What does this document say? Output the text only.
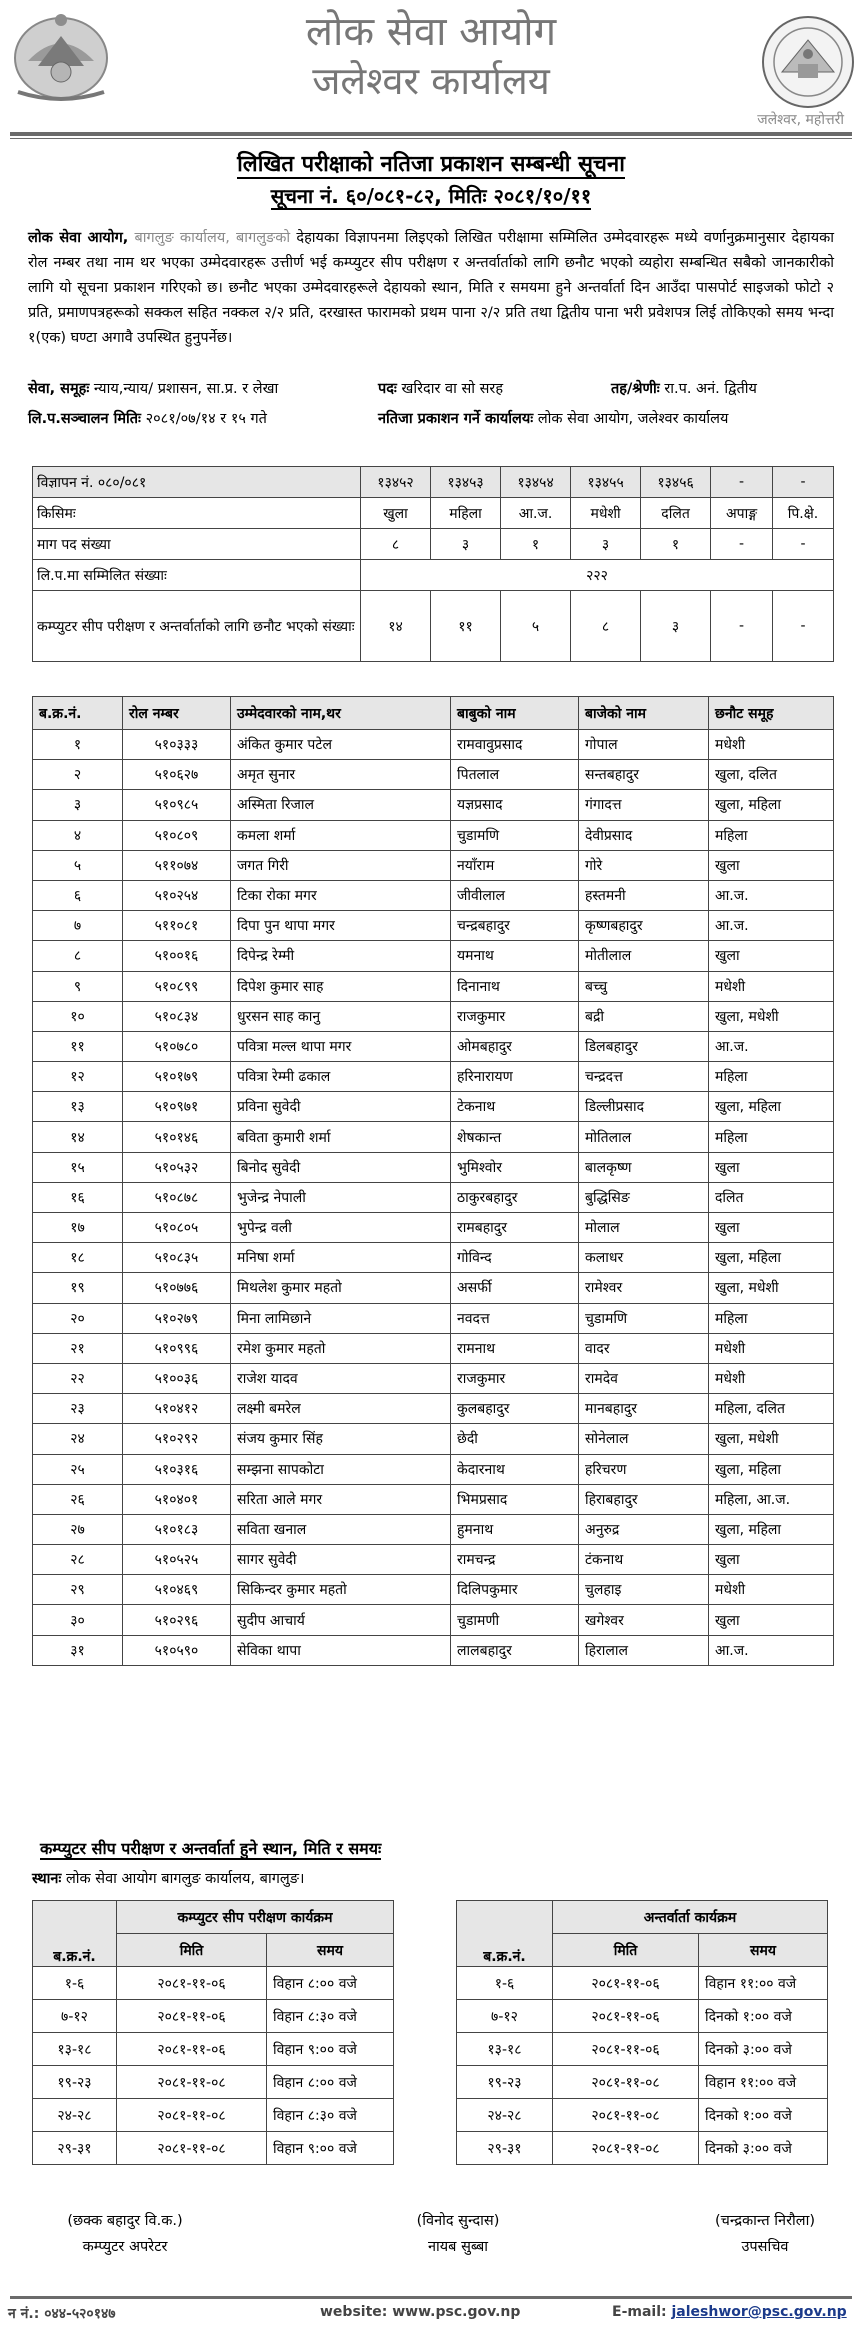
लोक सेवा आयोग
जलेश्वर कार्यालय
जलेश्वर, महोत्तरी
लिखित परीक्षाको नतिजा प्रकाशन सम्बन्धी सूचना
सूचना नं. ६०/०८१-८२, मितिः २०८१/१०/११
लोक सेवा आयोग, बागलुङ कार्यालय, बागलुङको देहायका विज्ञापनमा लिइएको लिखित परीक्षामा सम्मिलित उम्मेदवारहरू मध्ये वर्णानुक्रमानुसार देहायका रोल नम्बर तथा नाम थर भएका उम्मेदवारहरू उत्तीर्ण भई कम्प्युटर सीप परीक्षण र अन्तर्वार्ताको लागि छनौट भएको व्यहोरा सम्बन्धित सबैको जानकारीको लागि यो सूचना प्रकाशन गरिएको छ। छनौट भएका उम्मेदवारहरूले देहायको स्थान, मिति र समयमा हुने अन्तर्वार्ता दिन आउँदा पासपोर्ट साइजको फोटो २ प्रति, प्रमाणपत्रहरूको सक्कल सहित नक्कल २/२ प्रति, दरखास्त फारामको प्रथम पाना २/२ प्रति तथा द्वितीय पाना भरी प्रवेशपत्र लिई तोकिएको समय भन्दा १(एक) घण्टा अगावै उपस्थित हुनुपर्नेछ।
सेवा, समूहः न्याय,न्याय/ प्रशासन, सा.प्र. र लेखा	पदः खरिदार वा सो सरह	तह/श्रेणीः रा.प. अनं. द्वितीय
लि.प.सञ्चालन मितिः २०८१/०७/१४ र १५ गते	नतिजा प्रकाशन गर्ने कार्यालयः लोक सेवा आयोग, जलेश्वर कार्यालय
विज्ञापन नं. ०८०/०८१	१३४५२	१३४५३	१३४५४	१३४५५	१३४५६	-	-
किसिमः	खुला	महिला	आ.ज.	मधेशी	दलित	अपाङ्ग	पि.क्षे.
माग पद संख्या	८	३	१	३	१	-	-
लि.प.मा सम्मिलित संख्याः	२२२						
कम्प्युटर सीप परीक्षण र अन्तर्वार्ताको लागि छनौट भएको संख्याः	१४	११	५	८	३	-	-
ब.क्र.नं.	रोल नम्बर	उम्मेदवारको नाम,थर	बाबुको नाम	बाजेको नाम	छनौट समूह
१	५१०३३३	अंकित कुमार पटेल	रामवावुप्रसाद	गोपाल	मधेशी
२	५१०६२७	अमृत सुनार	पितलाल	सन्तबहादुर	खुला, दलित
३	५१०९८५	अस्मिता रिजाल	यज्ञप्रसाद	गंगादत्त	खुला, महिला
४	५१०८०९	कमला शर्मा	चुडामणि	देवीप्रसाद	महिला
५	५११०७४	जगत गिरी	नयाँराम	गोरे	खुला
६	५१०२५४	टिका रोका मगर	जीवीलाल	हस्तमनी	आ.ज.
७	५११०८१	दिपा पुन थापा मगर	चन्द्रबहादुर	कृष्णबहादुर	आ.ज.
८	५१००१६	दिपेन्द्र रेम्मी	यमनाथ	मोतीलाल	खुला
९	५१०८९९	दिपेश कुमार साह	दिनानाथ	बच्चु	मधेशी
१०	५१०८३४	धुरसन साह कानु	राजकुमार	बद्री	खुला, मधेशी
११	५१०७८०	पवित्रा मल्ल थापा मगर	ओमबहादुर	डिलबहादुर	आ.ज.
१२	५१०१७९	पवित्रा रेम्मी ढकाल	हरिनारायण	चन्द्रदत्त	महिला
१३	५१०९७१	प्रविना सुवेदी	टेकनाथ	डिल्लीप्रसाद	खुला, महिला
१४	५१०१४६	बविता कुमारी शर्मा	शेषकान्त	मोतिलाल	महिला
१५	५१०५३२	बिनोद सुवेदी	भुमिश्वोर	बालकृष्ण	खुला
१६	५१०८७८	भुजेन्द्र नेपाली	ठाकुरबहादुर	बुद्धिसिङ	दलित
१७	५१०८०५	भुपेन्द्र वली	रामबहादुर	मोलाल	खुला
१८	५१०८३५	मनिषा शर्मा	गोविन्द	कलाधर	खुला, महिला
१९	५१०७७६	मिथलेश कुमार महतो	असर्फी	रामेश्वर	खुला, मधेशी
२०	५१०२७९	मिना लामिछाने	नवदत्त	चुडामणि	महिला
२१	५१०९९६	रमेश कुमार महतो	रामनाथ	वादर	मधेशी
२२	५१००३६	राजेश यादव	राजकुमार	रामदेव	मधेशी
२३	५१०४१२	लक्ष्मी बमरेल	कुलबहादुर	मानबहादुर	महिला, दलित
२४	५१०२९२	संजय कुमार सिंह	छेदी	सोनेलाल	खुला, मधेशी
२५	५१०३१६	सम्झना सापकोटा	केदारनाथ	हरिचरण	खुला, महिला
२६	५१०४०१	सरिता आले मगर	भिमप्रसाद	हिराबहादुर	महिला, आ.ज.
२७	५१०१८३	सविता खनाल	हुमनाथ	अनुरुद्र	खुला, महिला
२८	५१०५२५	सागर सुवेदी	रामचन्द्र	टंकनाथ	खुला
२९	५१०४६९	सिकिन्दर कुमार महतो	दिलिपकुमार	चुलहाइ	मधेशी
३०	५१०२९६	सुदीप आचार्य	चुडामणी	खगेश्वर	खुला
३१	५१०५९०	सेविका थापा	लालबहादुर	हिरालाल	आ.ज.
कम्प्युटर सीप परीक्षण र अन्तर्वार्ता हुने स्थान, मिति र समयः
स्थानः लोक सेवा आयोग बागलुङ कार्यालय, बागलुङ।
ब.क्र.नं.	कम्प्युटर सीप परीक्षण कार्यक्रम	
	मिति	समय
१-६	२०८१-११-०६	विहान ८:०० वजे
७-१२	२०८१-११-०६	विहान ८:३० वजे
१३-१८	२०८१-११-०६	विहान ९:०० वजे
१९-२३	२०८१-११-०८	विहान ८:०० वजे
२४-२८	२०८१-११-०८	विहान ८:३० वजे
२९-३१	२०८१-११-०८	विहान ९:०० वजे
ब.क्र.नं.	अन्तर्वार्ता कार्यक्रम	
	मिति	समय
१-६	२०८१-११-०६	विहान ११:०० वजे
७-१२	२०८१-११-०६	दिनको १:०० वजे
१३-१८	२०८१-११-०६	दिनको ३:०० वजे
१९-२३	२०८१-११-०८	विहान ११:०० वजे
२४-२८	२०८१-११-०८	दिनको १:०० वजे
२९-३१	२०८१-११-०८	दिनको ३:०० वजे
(छक्क बहादुर वि.क.)
कम्प्युटर अपरेटर
(विनोद सुन्दास)
नायब सुब्बा
(चन्द्रकान्त निरौला)
उपसचिव
न नं.: ०४४-५२०१४७	website: www.psc.gov.np	E-mail: jaleshwor@psc.gov.np
